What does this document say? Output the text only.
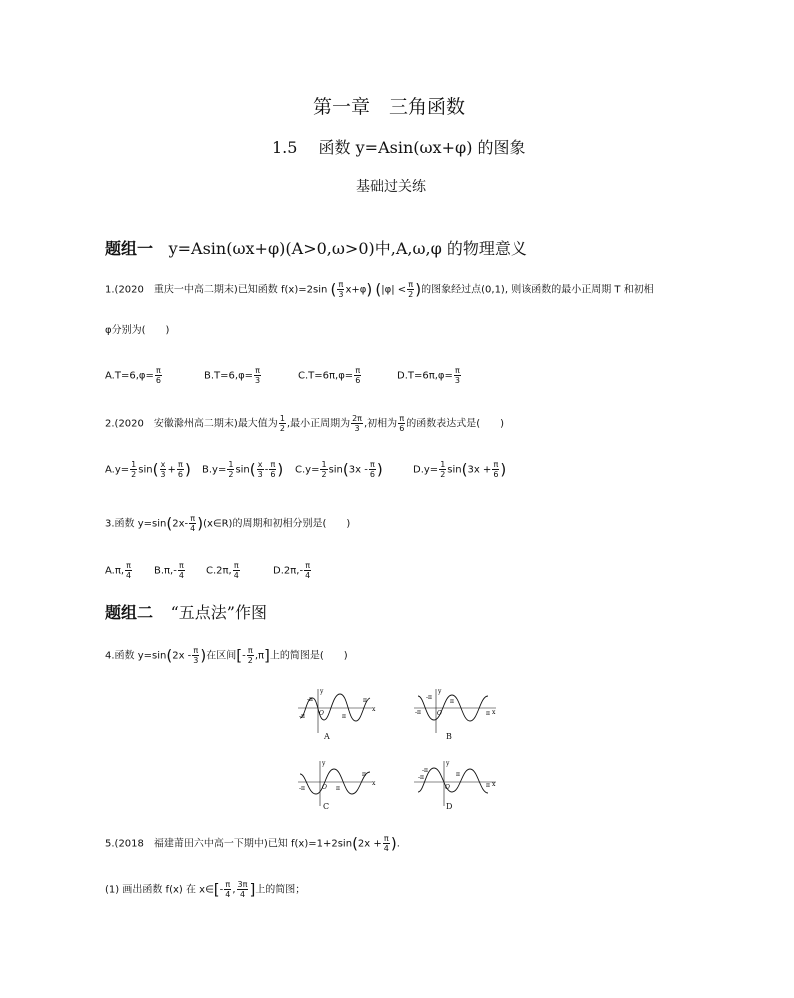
第一章　三角函数
1.5　 函数 y=Asin(ωx+φ) 的图象
基础过关练
题组一 y=Asin(ωx+φ)(A>0,ω>0)中,A,ω,φ 的物理意义
1.(2020　重庆一中高二期末)已知函数 f(x)=2sin ( $\frac{\pi}{3} x+\varphi$) ($|\varphi| < \frac{\pi}{2}$ )的图象经过点(0,1), 则该函数的最小正周期 T 和初相
φ分别为(　　)
$A.T=6,\varphi= \frac{\pi}{6}$	$B.T=6,\varphi= \frac{\pi}{3}$	$C.T=6\pi,\varphi= \frac{\pi}{6}$	$D.T=6\pi,\varphi= \frac{\pi}{3}$
2.(2020　安徽滁州高二期末)最大值为 $\frac{1}{2}$ ,最小正周期为 $\frac{2\pi}{3}$ ,初相为 $\frac{\pi}{6}$ 的函数表达式是(　　)
$A.y= \frac{1}{2} \sin( \frac{x}{3} + \frac{\pi}{6}$ ) $B.y= \frac{1}{2} \sin( \frac{x}{3} - \frac{\pi}{6}$ ) $C.y= \frac{1}{2} \sin(3x - \frac{\pi}{6}$ )	$D.y= \frac{1}{2} \sin(3x + \frac{\pi}{6}$ )
3.函数 $y=\sin(2x- \frac{\pi}{4}$ )(x∈R)的周期和初相分别是(　　)
A.π, $\frac{\pi}{4} B.\pi,- \frac{\pi}{4} C.2\pi$, $\frac{\pi}{4}$	$D.2\pi,- \frac{\pi}{4}$
题组二 “五点法”作图
4.函数 $y=\sin(2x - \frac{\pi}{3}$ )在区间[- $\frac{\pi}{2} ,\pi$]上的简图是(　　)
y
x
O
-π
-π	π
π
A
y
x
O
-π
-π
π
π
B
y
x
O
-π	π
π
C
y
x
O
-π
-π	π
π
D
5.(2018　福建莆田六中高一下期中)已知 $f(x)=1+2\sin(2x + \frac{\pi}{4}$ ).
(1) 画出函数 f(x) 在 x∈[- $\frac{\pi}{4}$ , $\frac{3\pi}{4}$ ]上的简图；
